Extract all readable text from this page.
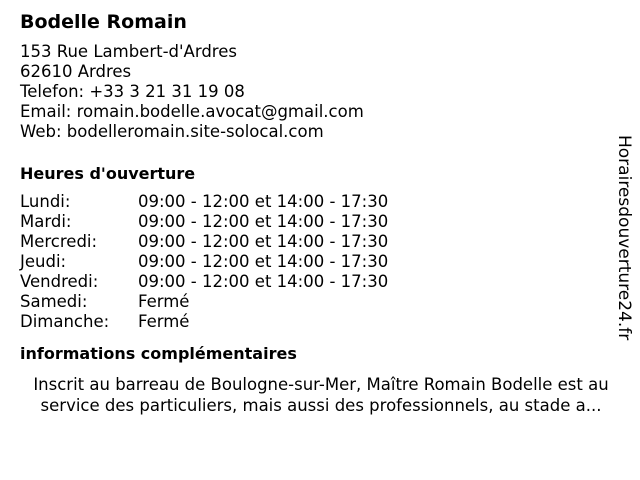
Bodelle Romain
153 Rue Lambert-d'Ardres
62610 Ardres
Telefon: +33 3 21 31 19 08
Email: romain.bodelle.avocat@gmail.com
Web: bodelleromain.site-solocal.com
Heures d'ouverture
Lundi:	09:00 - 12:00 et 14:00 - 17:30
Mardi:	09:00 - 12:00 et 14:00 - 17:30
Mercredi:	09:00 - 12:00 et 14:00 - 17:30
Jeudi:	09:00 - 12:00 et 14:00 - 17:30
Vendredi:	09:00 - 12:00 et 14:00 - 17:30
Samedi:	Fermé
Dimanche:	Fermé
informations complémentaires
Inscrit au barreau de Boulogne-sur-Mer, Maître Romain Bodelle est au
service des particuliers, mais aussi des professionnels, au stade a...
Horairesdouverture24.fr
